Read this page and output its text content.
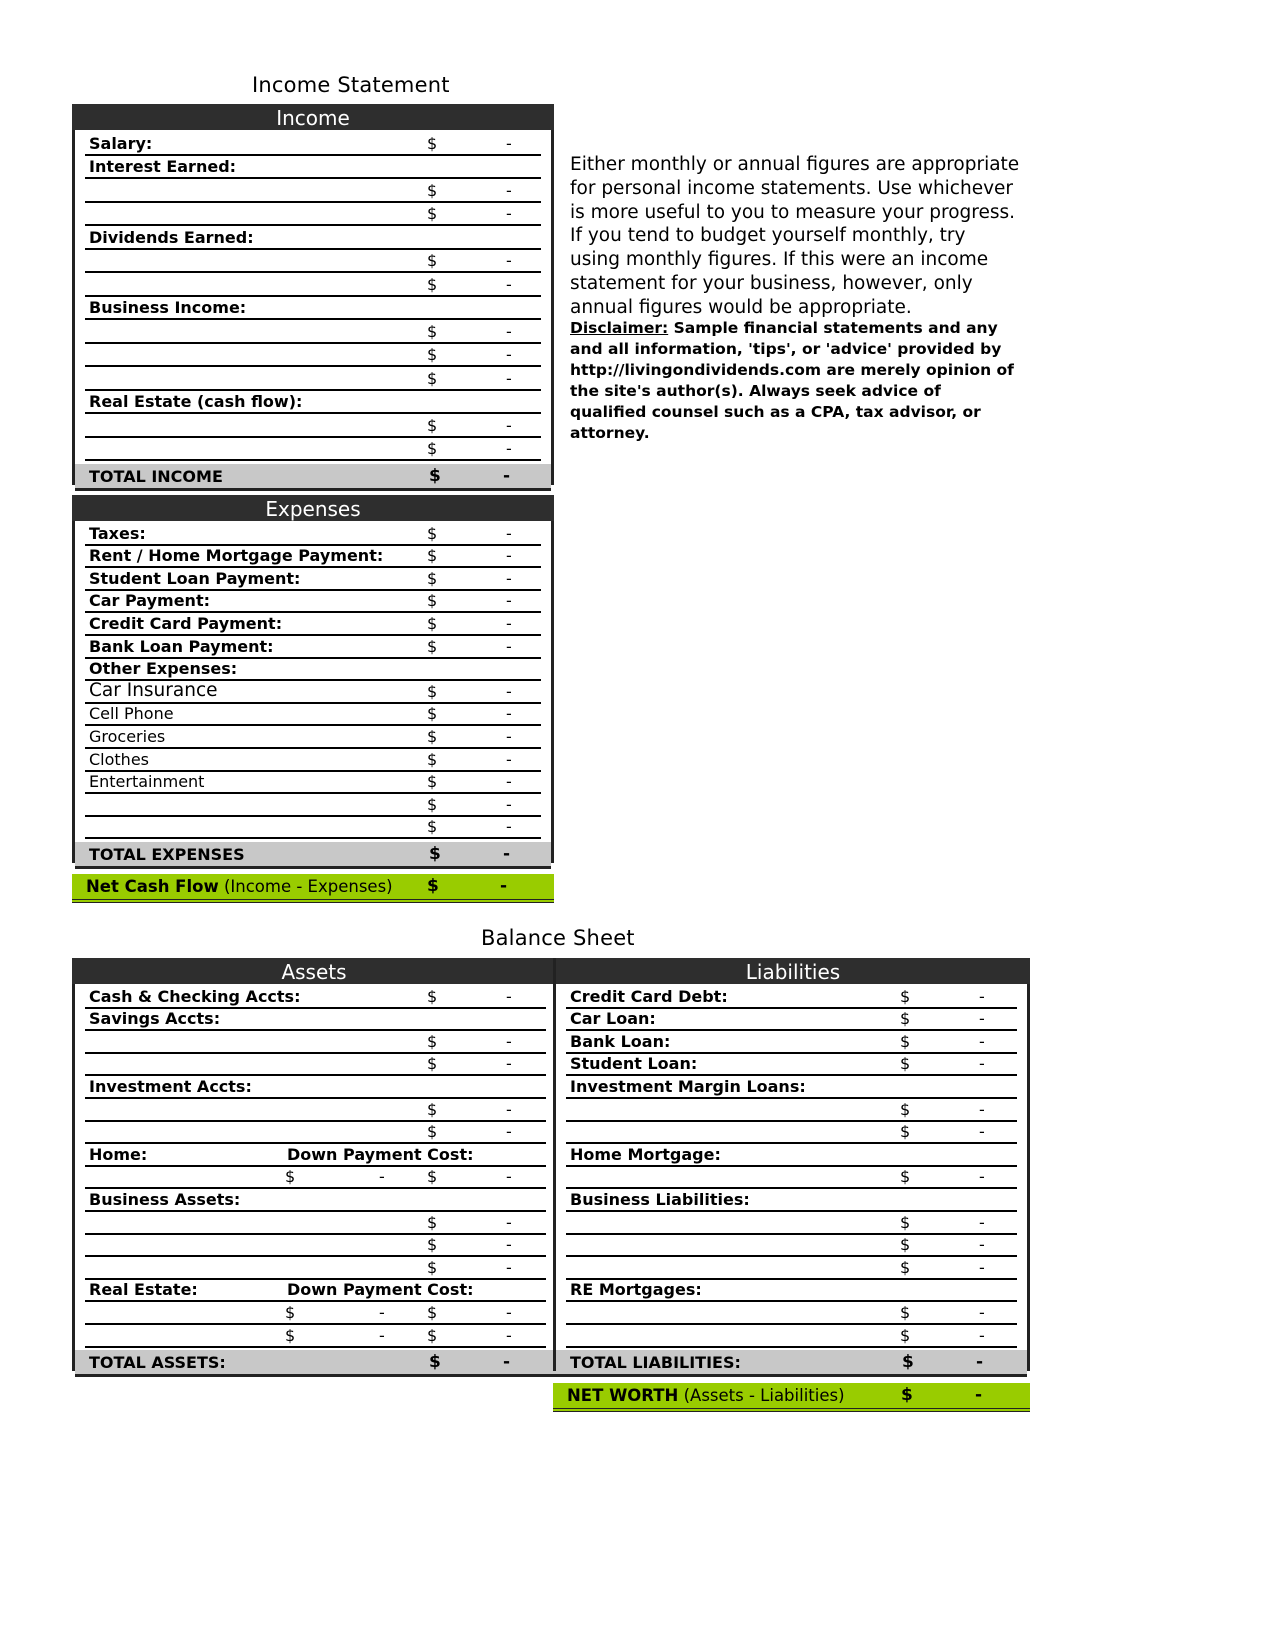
Income Statement
Income
Salary:	$	-
Interest Earned:
$	-
$	-
Dividends Earned:
$	-
$	-
Business Income:
$	-
$	-
$	-
Real Estate (cash flow):
$	-
$	-
TOTAL INCOME	$	-
Either monthly or annual figures are appropriate for personal income statements. Use whichever is more useful to you to measure your progress. If you tend to budget yourself monthly, try using monthly figures. If this were an income statement for your business, however, only annual figures would be appropriate.
Disclaimer: Sample financial statements and any and all information, 'tips', or 'advice' provided by http://livingondividends.com are merely opinion of the site's author(s). Always seek advice of qualified counsel such as a CPA, tax advisor, or attorney.
Expenses
Taxes:	$	-
Rent / Home Mortgage Payment:	$	-
Student Loan Payment:	$	-
Car Payment:	$	-
Credit Card Payment:	$	-
Bank Loan Payment:	$	-
Other Expenses:
Car Insurance	$	-
Cell Phone	$	-
Groceries	$	-
Clothes	$	-
Entertainment	$	-
$	-
$	-
TOTAL EXPENSES	$	-
Net Cash Flow (Income - Expenses) $	-
Balance Sheet
Assets
Cash & Checking Accts:	$	-
Savings Accts:
$	-
$	-
Investment Accts:
$	-
$	-
Home:	Down Payment Cost:
$	-	$	-
Business Assets:
$	-
$	-
$	-
Real Estate:	Down Payment Cost:
$	-	$	-
$	-	$	-
TOTAL ASSETS:	$	-
Liabilities
Credit Card Debt:	$	-
Car Loan:	$	-
Bank Loan:	$	-
Student Loan:	$	-
Investment Margin Loans:
$	-
$	-
Home Mortgage:
$	-
Business Liabilities:
$	-
$	-
$	-
RE Mortgages:
$	-
$	-
TOTAL LIABILITIES:	$	-
NET WORTH (Assets - Liabilities)	$	-
